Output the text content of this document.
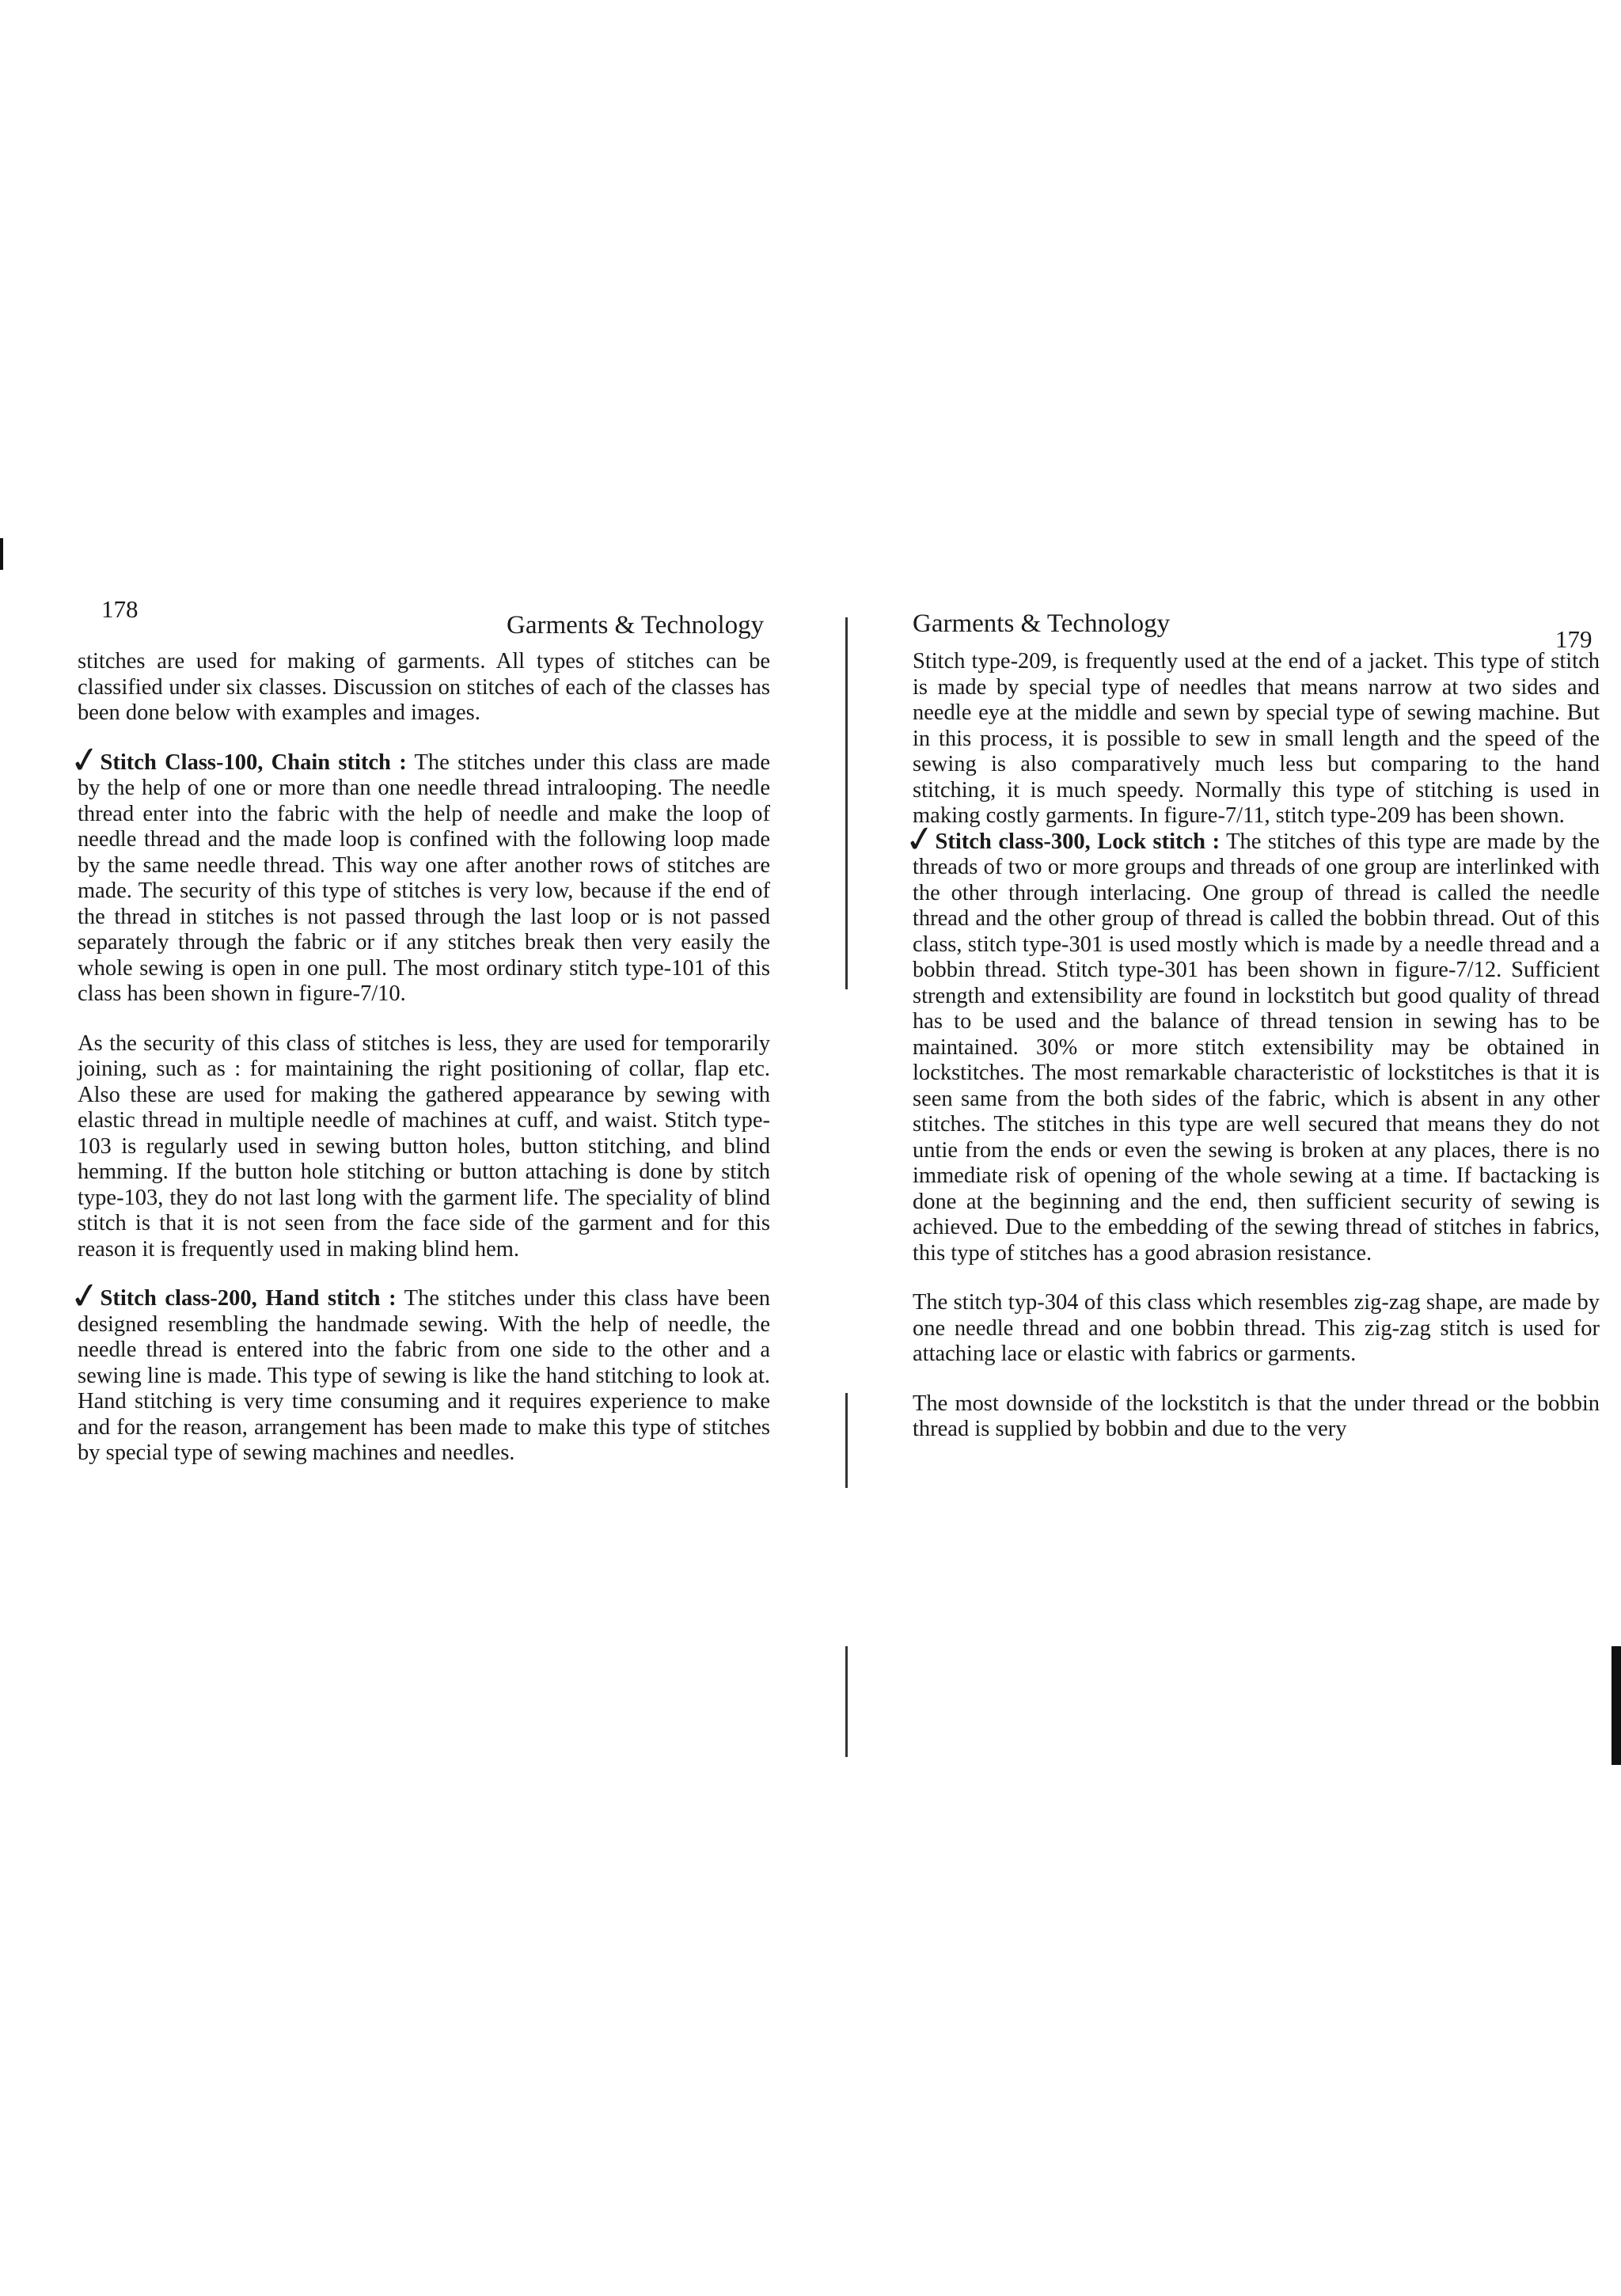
178
Garments & Technology

stitches are used for making of garments. All types of stitches can be classified under six classes. Discussion on stitches of each of the classes has been done below with examples and images.

✓Stitch Class-100, Chain stitch : The stitches under this class are made by the help of one or more than one needle thread intralooping. The needle thread enter into the fabric with the help of needle and make the loop of needle thread and the made loop is confined with the following loop made by the same needle thread. This way one after another rows of stitches are made. The security of this type of stitches is very low, because if the end of the thread in stitches is not passed through the last loop or is not passed separately through the fabric or if any stitches break then very easily the whole sewing is open in one pull. The most ordinary stitch type-101 of this class has been shown in figure-7/10.

As the security of this class of stitches is less, they are used for temporarily joining, such as : for maintaining the right positioning of collar, flap etc. Also these are used for making the gathered appearance by sewing with elastic thread in multiple needle of machines at cuff, and waist. Stitch type-103 is regularly used in sewing button holes, button stitching, and blind hemming. If the button hole stitching or button attaching is done by stitch type-103, they do not last long with the garment life. The speciality of blind stitch is that it is not seen from the face side of the garment and for this reason it is frequently used in making blind hem.

✓Stitch class-200, Hand stitch : The stitches under this class have been designed resembling the handmade sewing. With the help of needle, the needle thread is entered into the fabric from one side to the other and a sewing line is made. This type of sewing is like the hand stitching to look at. Hand stitching is very time consuming and it requires experience to make and for the reason, arrangement has been made to make this type of stitches by special type of sewing machines and needles.

Garments & Technology
179

Stitch type-209, is frequently used at the end of a jacket. This type of stitch is made by special type of needles that means narrow at two sides and needle eye at the middle and sewn by special type of sewing machine. But in this process, it is possible to sew in small length and the speed of the sewing is also comparatively much less but comparing to the hand stitching, it is much speedy. Normally this type of stitching is used in making costly garments. In figure-7/11, stitch type-209 has been shown.

✓Stitch class-300, Lock stitch : The stitches of this type are made by the threads of two or more groups and threads of one group are interlinked with the other through interlacing. One group of thread is called the needle thread and the other group of thread is called the bobbin thread. Out of this class, stitch type-301 is used mostly which is made by a needle thread and a bobbin thread. Stitch type-301 has been shown in figure-7/12. Sufficient strength and extensibility are found in lockstitch but good quality of thread has to be used and the balance of thread tension in sewing has to be maintained. 30% or more stitch extensibility may be obtained in lockstitches. The most remarkable characteristic of lockstitches is that it is seen same from the both sides of the fabric, which is absent in any other stitches. The stitches in this type are well secured that means they do not untie from the ends or even the sewing is broken at any places, there is no immediate risk of opening of the whole sewing at a time. If bactacking is done at the beginning and the end, then sufficient security of sewing is achieved. Due to the embedding of the sewing thread of stitches in fabrics, this type of stitches has a good abrasion resistance.

The stitch typ-304 of this class which resembles zig-zag shape, are made by one needle thread and one bobbin thread. This zig-zag stitch is used for attaching lace or elastic with fabrics or garments.

The most downside of the lockstitch is that the under thread or the bobbin thread is supplied by bobbin and due to the very
